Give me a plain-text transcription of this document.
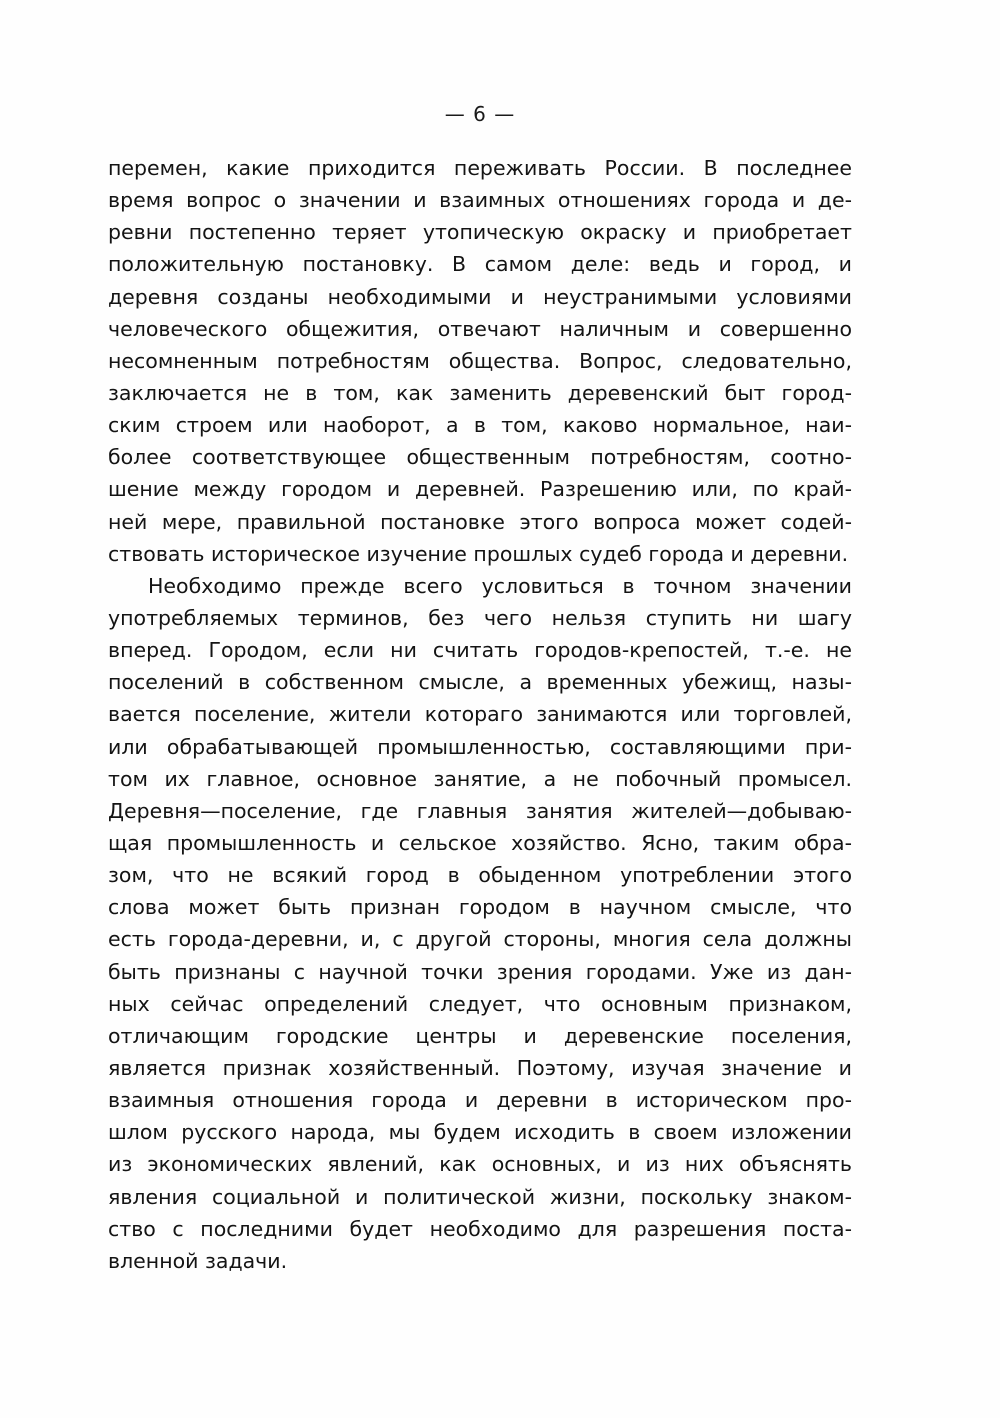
— 6 —
перемен, какие приходится переживать России. В последнее
время вопрос о значении и взаимных отношениях города и де-
ревни постепенно теряет утопическую окраску и приобретает
положительную постановку. В самом деле: ведь и город, и
деревня созданы необходимыми и неустранимыми условиями
человеческого общежития, отвечают наличным и совершенно
несомненным потребностям общества. Вопрос, следовательно,
заключается не в том, как заменить деревенский быт город-
ским строем или наоборот, а в том, каково нормальное, наи-
более соответствующее общественным потребностям, соотно-
шение между городом и деревней. Разрешению или, по край-
ней мере, правильной постановке этого вопроса может содей-
ствовать историческое изучение прошлых судеб города и деревни.
Необходимо прежде всего условиться в точном значении
употребляемых терминов, без чего нельзя ступить ни шагу
вперед. Городом, если ни считать городов-крепостей, т.-е. не
поселений в собственном смысле, а временных убежищ, назы-
вается поселение, жители котораго занимаются или торговлей,
или обрабатывающей промышленностью, составляющими при-
том их главное, основное занятие, а не побочный промысел.
Деревня—поселение, где главныя занятия жителей—добываю-
щая промышленность и сельское хозяйство. Ясно, таким обра-
зом, что не всякий город в обыденном употреблении этого
слова может быть признан городом в научном смысле, что
есть города-деревни, и, с другой стороны, многия села должны
быть признаны с научной точки зрения городами. Уже из дан-
ных сейчас определений следует, что основным признаком,
отличающим городские центры и деревенские поселения,
является признак хозяйственный. Поэтому, изучая значение и
взаимныя отношения города и деревни в историческом про-
шлом русского народа, мы будем исходить в своем изложении
из экономических явлений, как основных, и из них объяснять
явления социальной и политической жизни, поскольку знаком-
ство с последними будет необходимо для разрешения поста-
вленной задачи.
